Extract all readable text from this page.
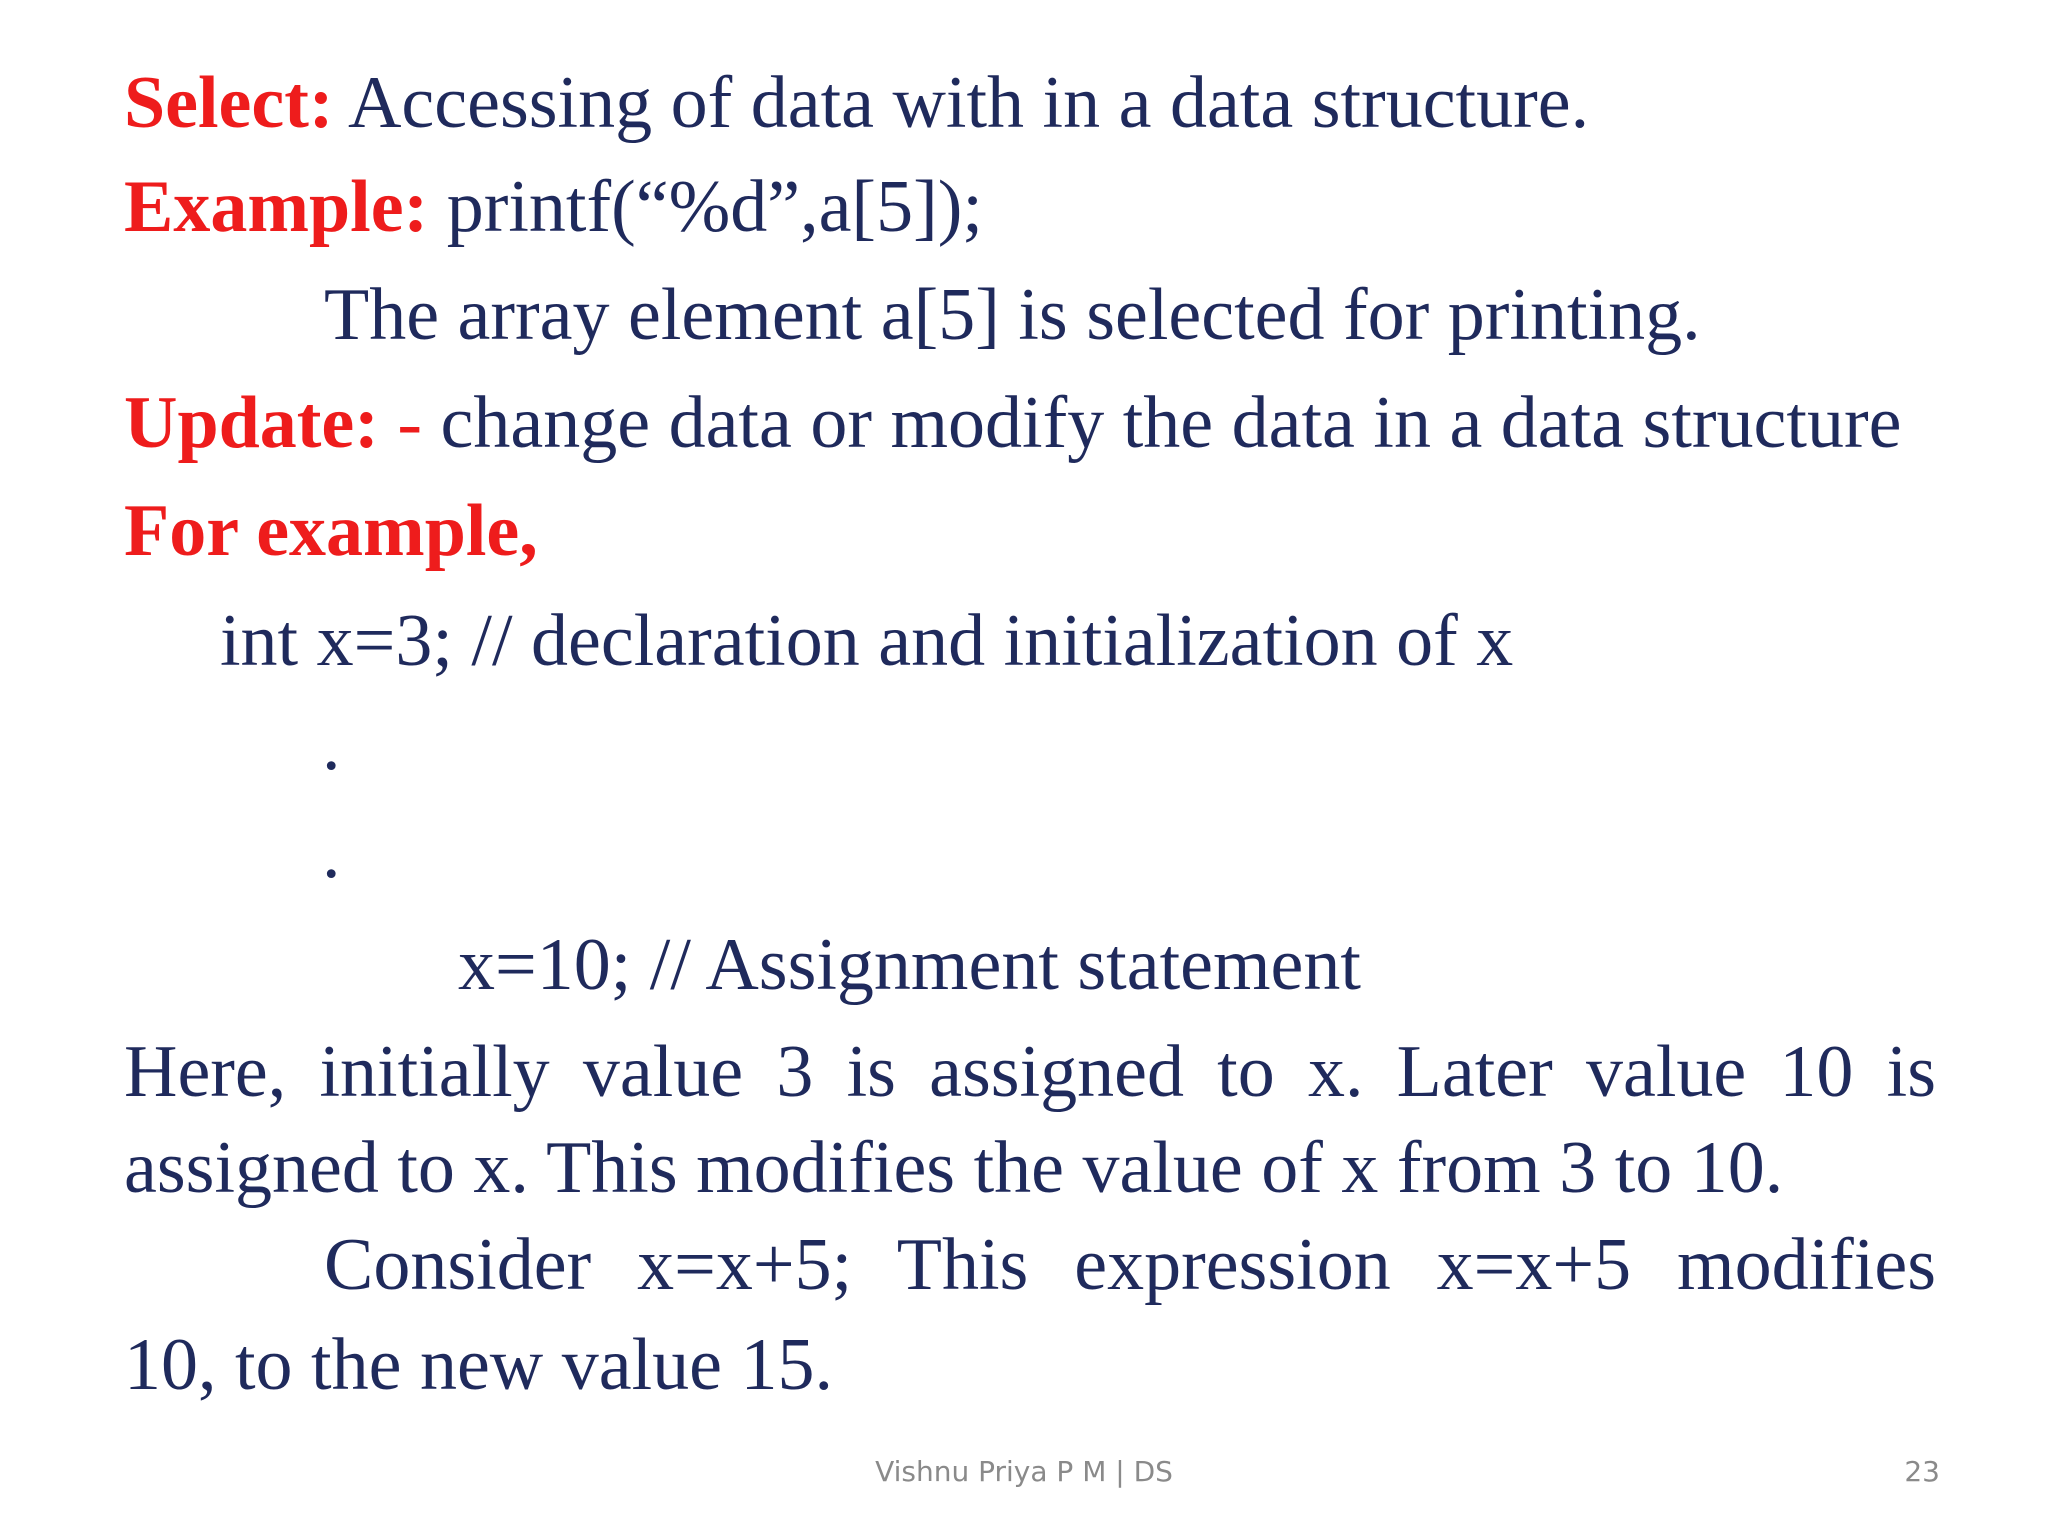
Select: Accessing of data with in a data structure.
Example: printf(“%d”,a[5]);
The array element a[5] is selected for printing.
Update: - change data or modify the data in a data structure
For example,
int x=3; // declaration and initialization of x
.
.
x=10; // Assignment statement
Here, initially value 3 is assigned to x. Later value 10 is assigned to x. This modifies the value of x from 3 to 10.
Consider x=x+5; This expression x=x+5 modifies
10, to the new value 15.
Vishnu Priya P M | DS	23
